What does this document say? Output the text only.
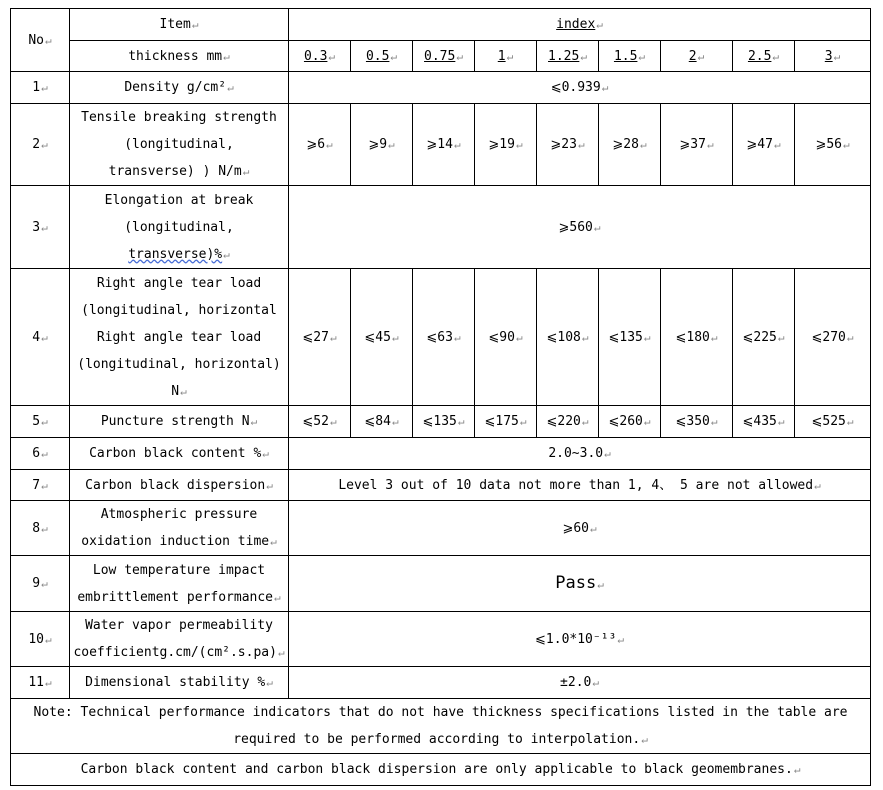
No↵	Item↵	index↵								
	thickness mm↵	0.3↵	0.5↵	0.75↵	1↵	1.25↵	1.5↵	2↵	2.5↵	3↵
1↵	Density g/cm²↵	⩽0.939↵								
2↵	Tensile breaking strength
(longitudinal,
transverse) ) N/m↵	⩾6↵	⩾9↵	⩾14↵	⩾19↵	⩾23↵	⩾28↵	⩾37↵	⩾47↵	⩾56↵
3↵	Elongation at break
(longitudinal,
transverse)%↵	⩾560↵								
4↵	Right angle tear load
(longitudinal, horizontal
Right angle tear load
(longitudinal, horizontal)
N↵	⩽27↵	⩽45↵	⩽63↵	⩽90↵	⩽108↵	⩽135↵	⩽180↵	⩽225↵	⩽270↵
5↵	Puncture strength N↵	⩽52↵	⩽84↵	⩽135↵	⩽175↵	⩽220↵	⩽260↵	⩽350↵	⩽435↵	⩽525↵
6↵	Carbon black content %↵	2.0~3.0↵								
7↵	Carbon black dispersion↵	Level 3 out of 10 data not more than 1, 4、 5 are not allowed↵								
8↵	Atmospheric pressure
oxidation induction time↵	⩾60↵								
9↵	Low temperature impact
embrittlement performance↵	Pass↵								
10↵	Water vapor permeability
coefficientg.cm/(cm².s.pa)↵	⩽1.0*10⁻¹³↵								
11↵	Dimensional stability %↵	±2.0↵								
Note: Technical performance indicators that do not have thickness specifications listed in the table are required to be performed according to interpolation.↵										
Carbon black content and carbon black dispersion are only applicable to black geomembranes.↵										
